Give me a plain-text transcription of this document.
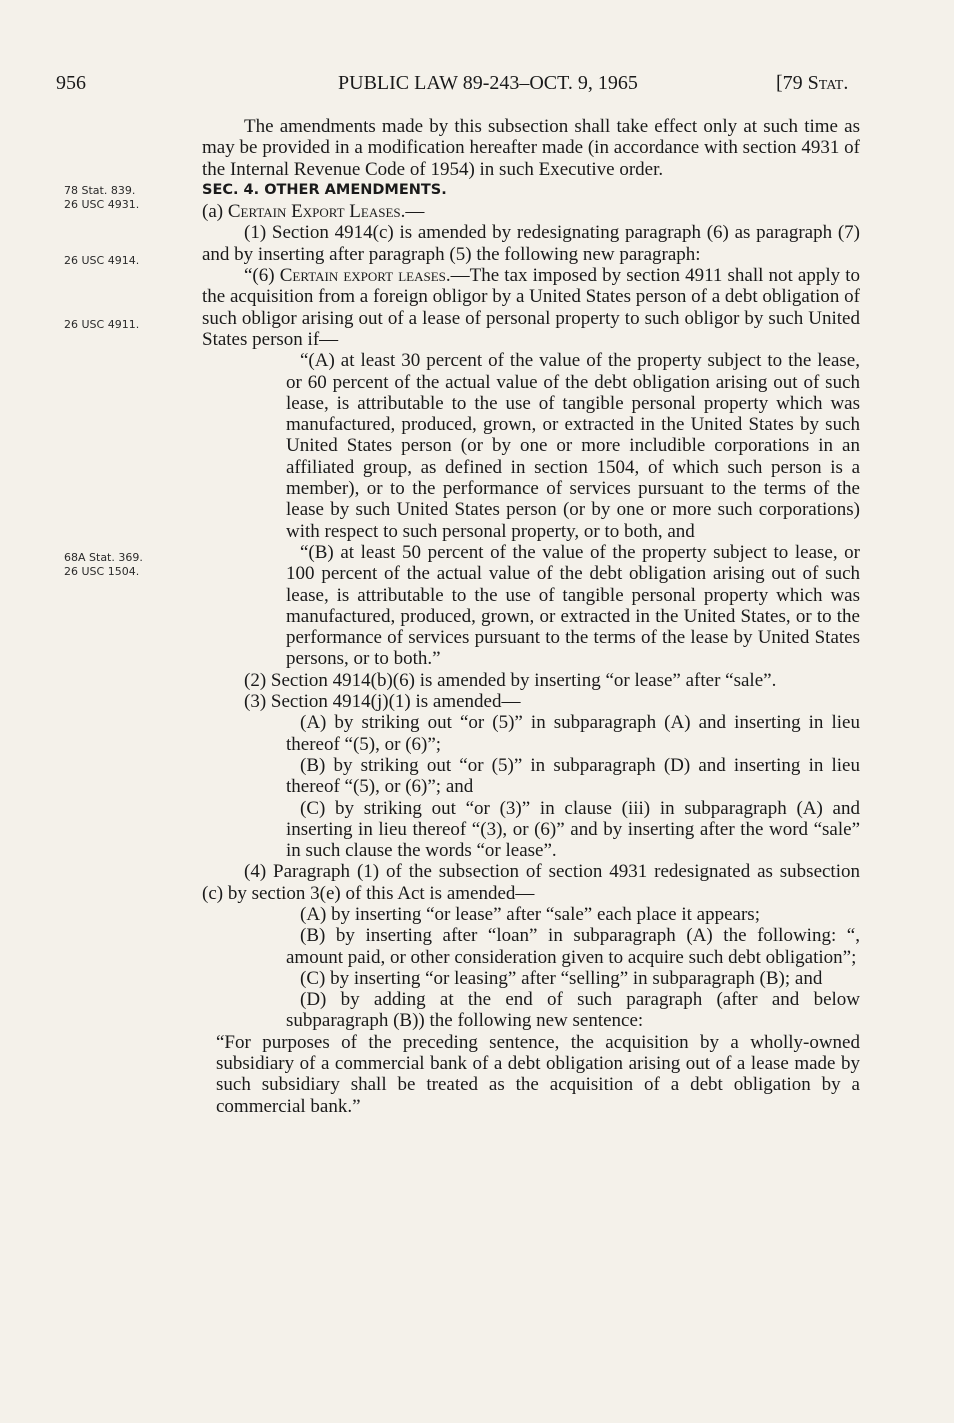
956	PUBLIC LAW 89-243–OCT. 9, 1965	[79 Stat.
78 Stat. 839.
26 USC 4931.
26 USC 4914.
26 USC 4911.
68A Stat. 369.
26 USC 1504.

The amendments made by this subsection shall take effect only at such time as may be provided in a modification hereafter made (in accordance with section 4931 of the Internal Revenue Code of 1954) in such Executive order.

SEC. 4. OTHER AMENDMENTS.

(a) Certain Export Leases.—

(1) Section 4914(c) is amended by redesignating paragraph (6) as paragraph (7) and by inserting after paragraph (5) the following new paragraph:

“(6) Certain export leases.—The tax imposed by section 4911 shall not apply to the acquisition from a foreign obligor by a United States person of a debt obligation of such obligor arising out of a lease of personal property to such obligor by such United States person if—

“(A) at least 30 percent of the value of the property subject to the lease, or 60 percent of the actual value of the debt obligation arising out of such lease, is attributable to the use of tangible personal property which was manufactured, produced, grown, or extracted in the United States by such United States person (or by one or more includible corporations in an affiliated group, as defined in section 1504, of which such person is a member), or to the performance of services pursuant to the terms of the lease by such United States person (or by one or more such corporations) with respect to such personal property, or to both, and

“(B) at least 50 percent of the value of the property subject to lease, or 100 percent of the actual value of the debt obligation arising out of such lease, is attributable to the use of tangible personal property which was manufactured, produced, grown, or extracted in the United States, or to the performance of services pursuant to the terms of the lease by United States persons, or to both.”

(2) Section 4914(b)(6) is amended by inserting “or lease” after “sale”.

(3) Section 4914(j)(1) is amended—

(A) by striking out “or (5)” in subparagraph (A) and inserting in lieu thereof “(5), or (6)”;

(B) by striking out “or (5)” in subparagraph (D) and inserting in lieu thereof “(5), or (6)”; and

(C) by striking out “or (3)” in clause (iii) in subparagraph (A) and inserting in lieu thereof “(3), or (6)” and by inserting after the word “sale” in such clause the words “or lease”.

(4) Paragraph (1) of the subsection of section 4931 redesignated as subsection (c) by section 3(e) of this Act is amended—

(A) by inserting “or lease” after “sale” each place it appears;

(B) by inserting after “loan” in subparagraph (A) the following: “, amount paid, or other consideration given to acquire such debt obligation”;

(C) by inserting “or leasing” after “selling” in subparagraph (B); and

(D) by adding at the end of such paragraph (after and below subparagraph (B)) the following new sentence:

“For purposes of the preceding sentence, the acquisition by a wholly-owned subsidiary of a commercial bank of a debt obligation arising out of a lease made by such subsidiary shall be treated as the acquisition of a debt obligation by a commercial bank.”
